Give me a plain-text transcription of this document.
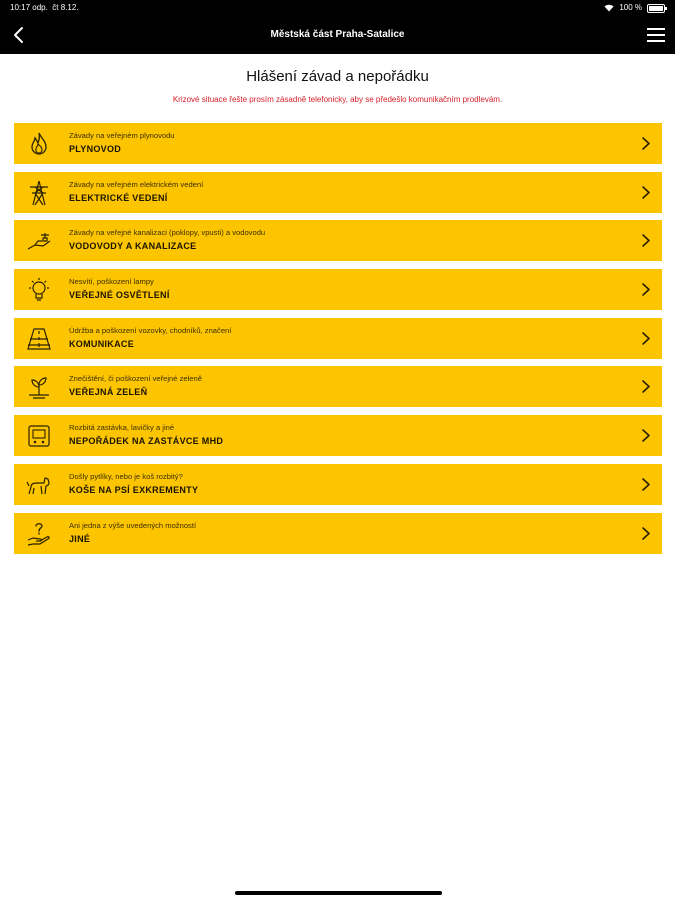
10:17 odp. čt 8.12.	100 %
Městská část Praha-Satalice
Hlášení závad a nepořádku
Krizové situace řešte prosím zásadně telefonicky, aby se předešlo komunikačním prodlevám.
Závady na veřejném plynovodu
PLYNOVOD
Závady na veřejném elektrickém vedení
ELEKTRICKÉ VEDENÍ
Závady na veřejné kanalizaci (poklopy, vpusti) a vodovodu
VODOVODY A KANALIZACE
Nesvítí, poškození lampy
VEŘEJNÉ OSVĚTLENÍ
Údržba a poškození vozovky, chodníků, značení
KOMUNIKACE
Znečištění, či poškození veřejné zeleně
VEŘEJNÁ ZELEŇ
Rozbitá zastávka, lavičky a jiné
NEPOŘÁDEK NA ZASTÁVCE MHD
Došly pytlíky, nebo je koš rozbitý?
KOŠE NA PSÍ EXKREMENTY
Ani jedna z výše uvedených možností
JINÉ
